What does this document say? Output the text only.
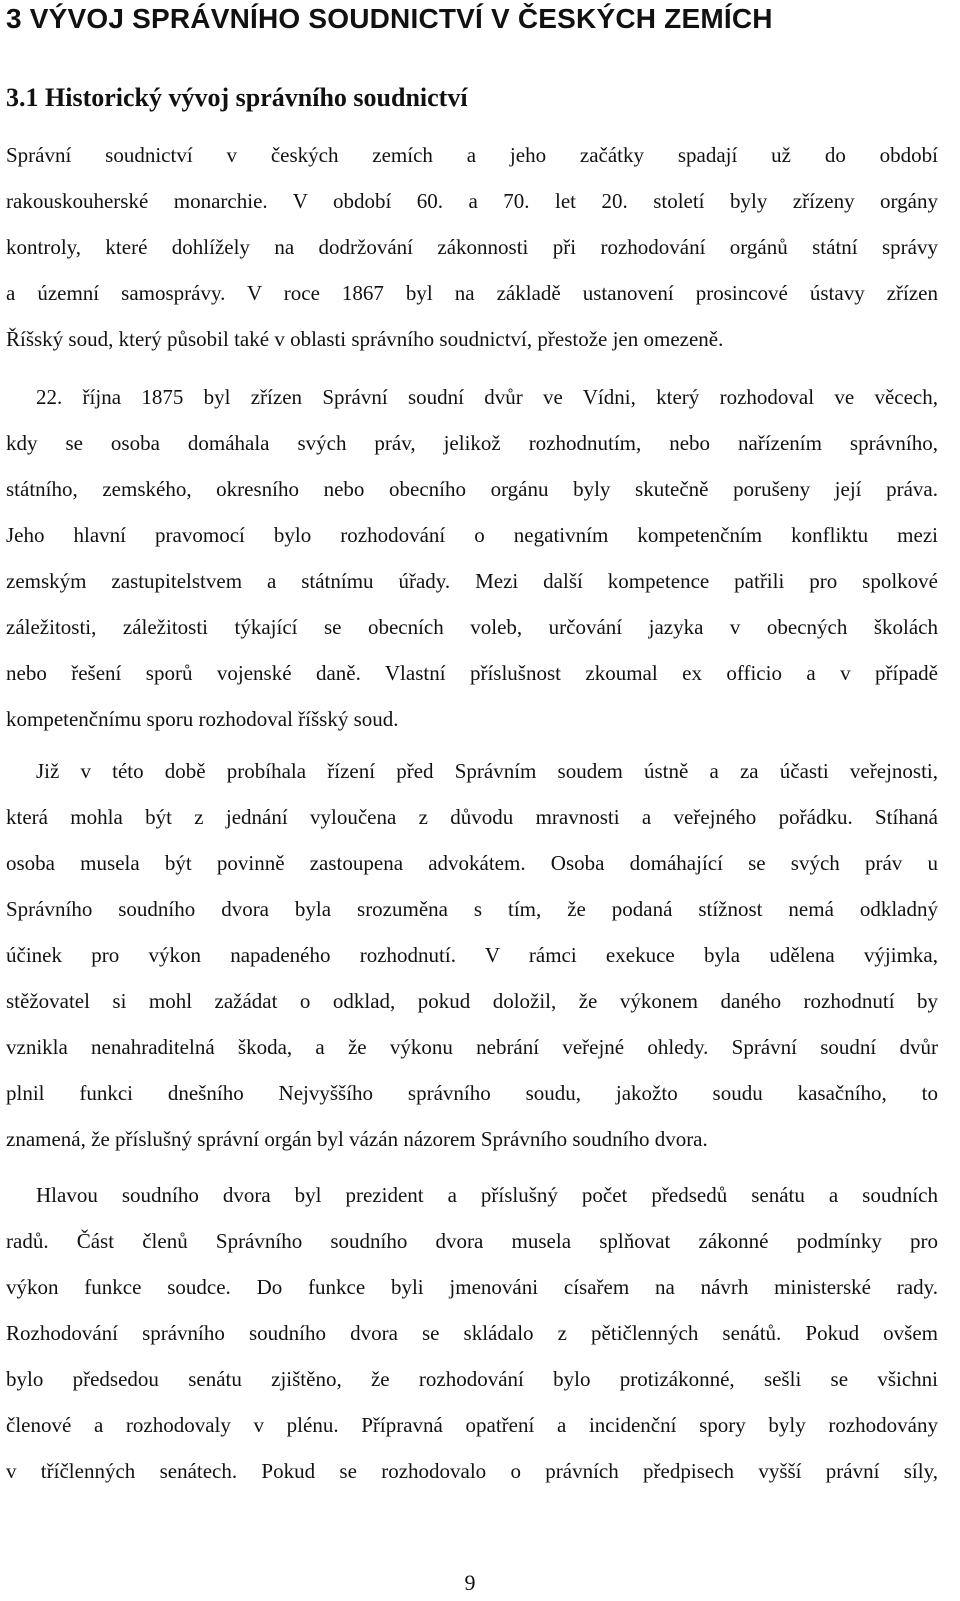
3 VÝVOJ SPRÁVNÍHO SOUDNICTVÍ V ČESKÝCH ZEMÍCH
3.1 Historický vývoj správního soudnictví
Správní soudnictví v českých zemích a jeho začátky spadají už do období
rakouskouherské monarchie. V období 60. a 70. let 20. století byly zřízeny orgány
kontroly, které dohlížely na dodržování zákonnosti při rozhodování orgánů státní správy
a územní samosprávy. V roce 1867 byl na základě ustanovení prosincové ústavy zřízen
Říšský soud, který působil také v oblasti správního soudnictví, přestože jen omezeně.
22. října 1875 byl zřízen Správní soudní dvůr ve Vídni, který rozhodoval ve věcech,
kdy se osoba domáhala svých práv, jelikož rozhodnutím, nebo nařízením správního,
státního, zemského, okresního nebo obecního orgánu byly skutečně porušeny její práva.
Jeho hlavní pravomocí bylo rozhodování o negativním kompetenčním konfliktu mezi
zemským zastupitelstvem a státnímu úřady. Mezi další kompetence patřili pro spolkové
záležitosti, záležitosti týkající se obecních voleb, určování jazyka v obecných školách
nebo řešení sporů vojenské daně. Vlastní příslušnost zkoumal ex officio a v případě
kompetenčnímu sporu rozhodoval říšský soud.
Již v této době probíhala řízení před Správním soudem ústně a za účasti veřejnosti,
která mohla být z jednání vyloučena z důvodu mravnosti a veřejného pořádku. Stíhaná
osoba musela být povinně zastoupena advokátem. Osoba domáhající se svých práv u
Správního soudního dvora byla srozuměna s tím, že podaná stížnost nemá odkladný
účinek pro výkon napadeného rozhodnutí. V rámci exekuce byla udělena výjimka,
stěžovatel si mohl zažádat o odklad, pokud doložil, že výkonem daného rozhodnutí by
vznikla nenahraditelná škoda, a že výkonu nebrání veřejné ohledy. Správní soudní dvůr
plnil funkci dnešního Nejvyššího správního soudu, jakožto soudu kasačního, to
znamená, že příslušný správní orgán byl vázán názorem Správního soudního dvora.
Hlavou soudního dvora byl prezident a příslušný počet předsedů senátu a soudních
radů. Část členů Správního soudního dvora musela splňovat zákonné podmínky pro
výkon funkce soudce. Do funkce byli jmenováni císařem na návrh ministerské rady.
Rozhodování správního soudního dvora se skládalo z pětičlenných senátů. Pokud ovšem
bylo předsedou senátu zjištěno, že rozhodování bylo protizákonné, sešli se všichni
členové a rozhodovaly v plénu. Přípravná opatření a incidenční spory byly rozhodovány
v tříčlenných senátech. Pokud se rozhodovalo o právních předpisech vyšší právní síly,
9
